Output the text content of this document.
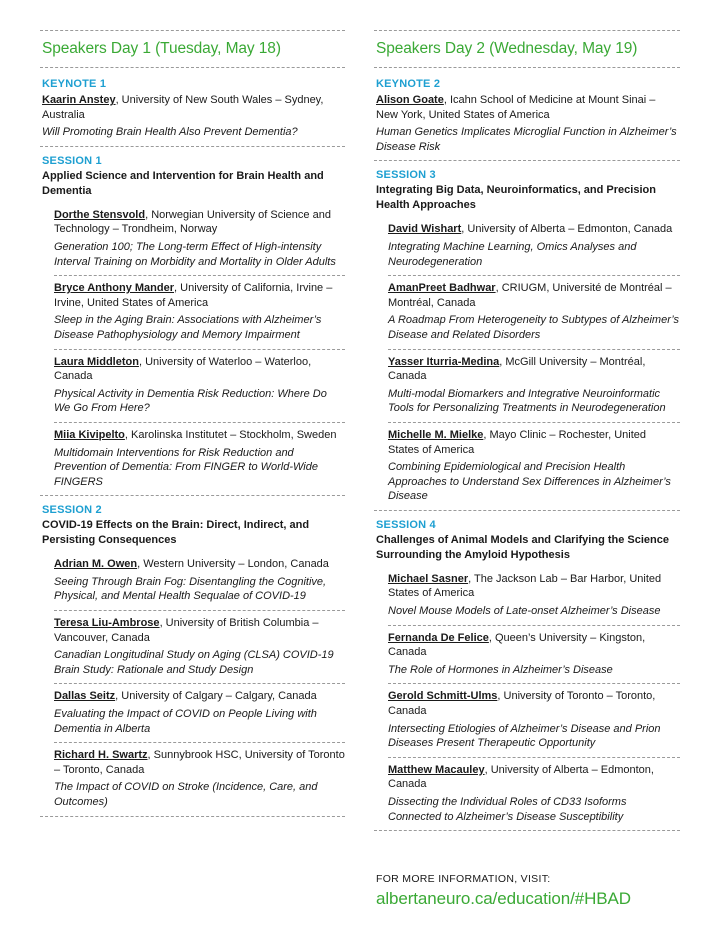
Speakers Day 1 (Tuesday, May 18)
KEYNOTE 1
Kaarin Anstey, University of New South Wales – Sydney, Australia
Will Promoting Brain Health Also Prevent Dementia?
SESSION 1
Applied Science and Intervention for Brain Health and Dementia
Dorthe Stensvold, Norwegian University of Science and Technology – Trondheim, Norway
Generation 100; The Long-term Effect of High-intensity Interval Training on Morbidity and Mortality in Older Adults
Bryce Anthony Mander, University of California, Irvine – Irvine, United States of America
Sleep in the Aging Brain: Associations with Alzheimer’s Disease Pathophysiology and Memory Impairment
Laura Middleton, University of Waterloo – Waterloo, Canada
Physical Activity in Dementia Risk Reduction: Where Do We Go From Here?
Miia Kivipelto, Karolinska Institutet – Stockholm, Sweden
Multidomain Interventions for Risk Reduction and Prevention of Dementia: From FINGER to World-Wide FINGERS
SESSION 2
COVID-19 Effects on the Brain: Direct, Indirect, and Persisting Consequences
Adrian M. Owen, Western University – London, Canada
Seeing Through Brain Fog: Disentangling the Cognitive, Physical, and Mental Health Sequalae of COVID-19
Teresa Liu-Ambrose, University of British Columbia – Vancouver, Canada
Canadian Longitudinal Study on Aging (CLSA) COVID-19 Brain Study: Rationale and Study Design
Dallas Seitz, University of Calgary – Calgary, Canada
Evaluating the Impact of COVID on People Living with Dementia in Alberta
Richard H. Swartz, Sunnybrook HSC, University of Toronto – Toronto, Canada
The Impact of COVID on Stroke (Incidence, Care, and Outcomes)
Speakers Day 2 (Wednesday, May 19)
KEYNOTE 2
Alison Goate, Icahn School of Medicine at Mount Sinai – New York, United States of America
Human Genetics Implicates Microglial Function in Alzheimer’s Disease Risk
SESSION 3
Integrating Big Data, Neuroinformatics, and Precision Health Approaches
David Wishart, University of Alberta – Edmonton, Canada
Integrating Machine Learning, Omics Analyses and Neurodegeneration
AmanPreet Badhwar, CRIUGM, Université de Montréal – Montréal, Canada
A Roadmap From Heterogeneity to Subtypes of Alzheimer’s Disease and Related Disorders
Yasser Iturria-Medina, McGill University – Montréal, Canada
Multi-modal Biomarkers and Integrative Neuroinformatic Tools for Personalizing Treatments in Neurodegeneration
Michelle M. Mielke, Mayo Clinic – Rochester, United States of America
Combining Epidemiological and Precision Health Approaches to Understand Sex Differences in Alzheimer’s Disease
SESSION 4
Challenges of Animal Models and Clarifying the Science Surrounding the Amyloid Hypothesis
Michael Sasner, The Jackson Lab – Bar Harbor, United States of America
Novel Mouse Models of Late-onset Alzheimer’s Disease
Fernanda De Felice, Queen’s University – Kingston, Canada
The Role of Hormones in Alzheimer’s Disease
Gerold Schmitt-Ulms, University of Toronto – Toronto, Canada
Intersecting Etiologies of Alzheimer’s Disease and Prion Diseases Present Therapeutic Opportunity
Matthew Macauley, University of Alberta – Edmonton, Canada
Dissecting the Individual Roles of CD33 Isoforms Connected to Alzheimer’s Disease Susceptibility
FOR MORE INFORMATION, VISIT:
albertaneuro.ca/education/#HBAD
